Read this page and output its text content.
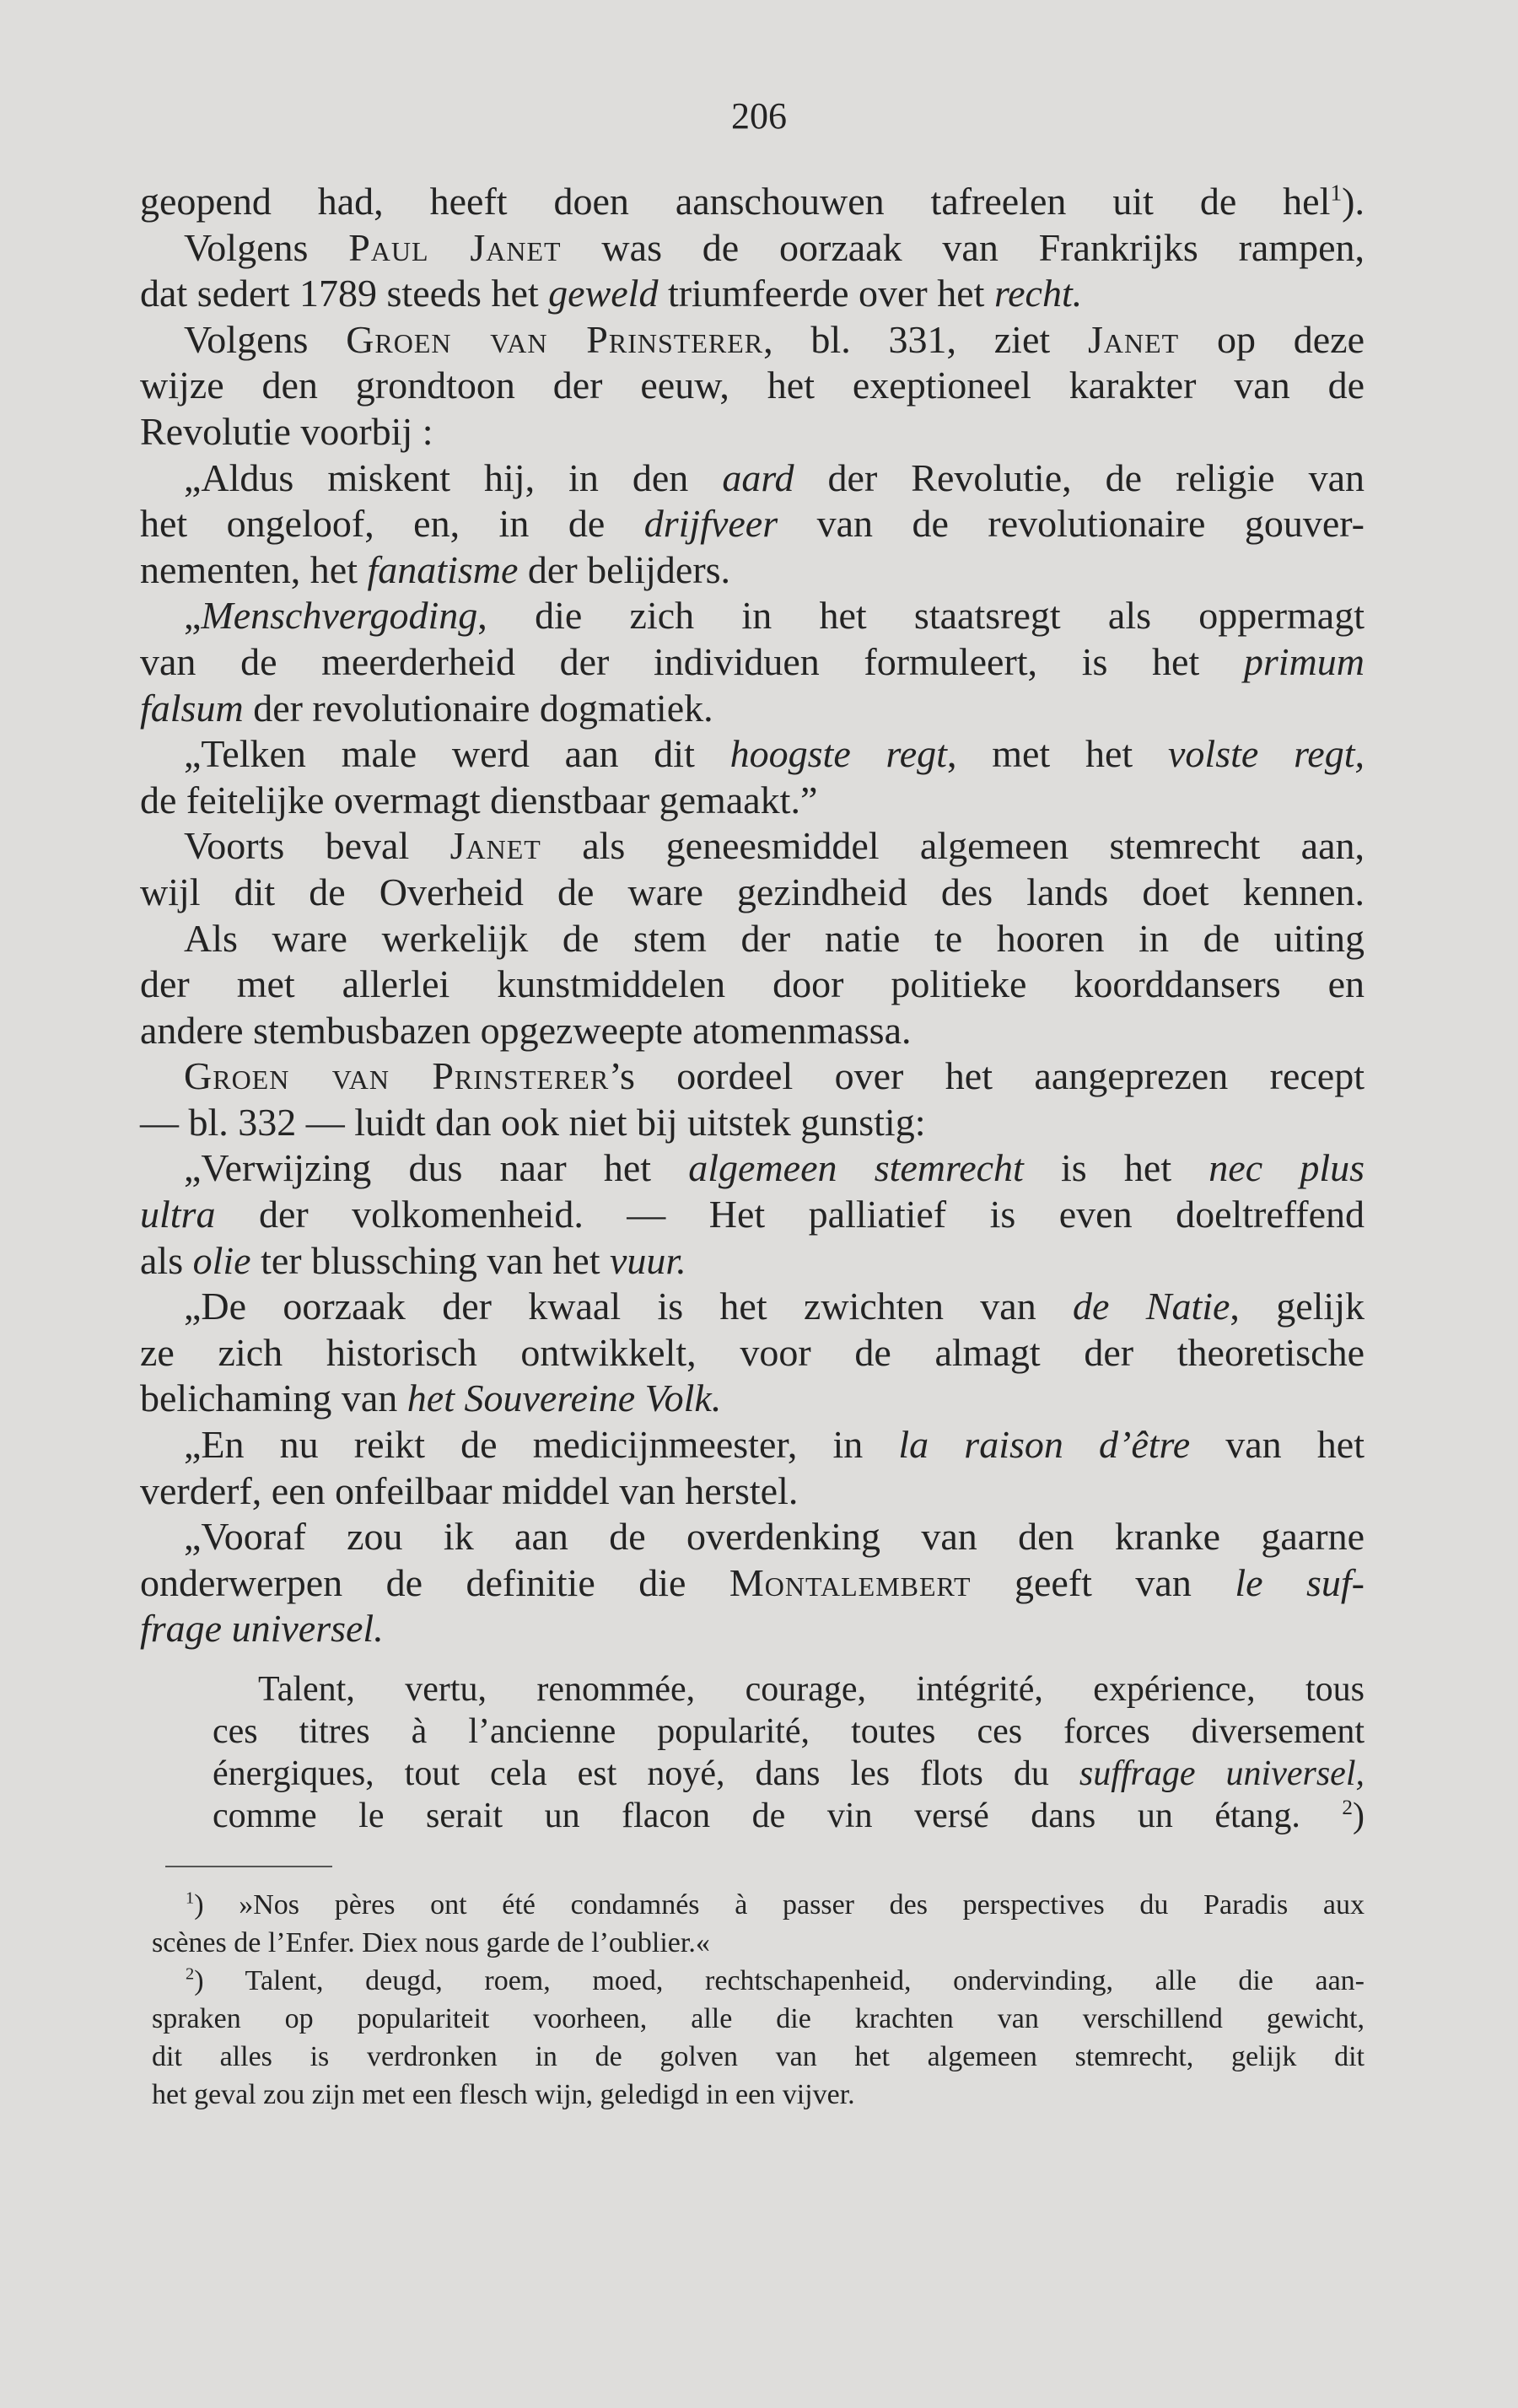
206
geopend had, heeft doen aanschouwen tafreelen uit de hel$^1$).
Volgens Paul Janet was de oorzaak van Frankrijks rampen,
dat sedert 1789 steeds het geweld triumfeerde over het recht.
Volgens Groen van Prinsterer, bl. 331, ziet Janet op deze
wijze den grondtoon der eeuw, het exeptioneel karakter van de
Revolutie voorbij :
„Aldus miskent hij, in den aard der Revolutie, de religie van
het ongeloof, en, in de drijfveer van de revolutionaire gouver-
nementen, het fanatisme der belijders.
„Menschvergoding, die zich in het staatsregt als oppermagt
van de meerderheid der individuen formuleert, is het primum
falsum der revolutionaire dogmatiek.
„Telken male werd aan dit hoogste regt, met het volste regt,
de feitelijke overmagt dienstbaar gemaakt.”
Voorts beval Janet als geneesmiddel algemeen stemrecht aan,
wijl dit de Overheid de ware gezindheid des lands doet kennen.
Als ware werkelijk de stem der natie te hooren in de uiting
der met allerlei kunstmiddelen door politieke koorddansers en
andere stembusbazen opgezweepte atomenmassa.
Groen van Prinsterer’s oordeel over het aangeprezen recept
— bl. 332 — luidt dan ook niet bij uitstek gunstig:
„Verwijzing dus naar het algemeen stemrecht is het nec plus
ultra der volkomenheid. — Het palliatief is even doeltreffend
als olie ter blussching van het vuur.
„De oorzaak der kwaal is het zwichten van de Natie, gelijk
ze zich historisch ontwikkelt, voor de almagt der theoretische
belichaming van het Souvereine Volk.
„En nu reikt de medicijnmeester, in la raison d’être van het
verderf, een onfeilbaar middel van herstel.
„Vooraf zou ik aan de overdenking van den kranke gaarne
onderwerpen de definitie die Montalembert geeft van le suf-
frage universel.
Talent, vertu, renommée, courage, intégrité, expérience, tous
ces titres à l’ancienne popularité, toutes ces forces diversement
énergiques, tout cela est noyé, dans les flots du suffrage universel,
comme le serait un flacon de vin versé dans un étang. $^2$)
$^1$) »Nos pères ont été condamnés à passer des perspectives du Paradis aux
scènes de l’Enfer. Diex nous garde de l’oublier.«
$^2$) Talent, deugd, roem, moed, rechtschapenheid, ondervinding, alle die aan-
spraken op populariteit voorheen, alle die krachten van verschillend gewicht,
dit alles is verdronken in de golven van het algemeen stemrecht, gelijk dit
het geval zou zijn met een flesch wijn, geledigd in een vijver.
